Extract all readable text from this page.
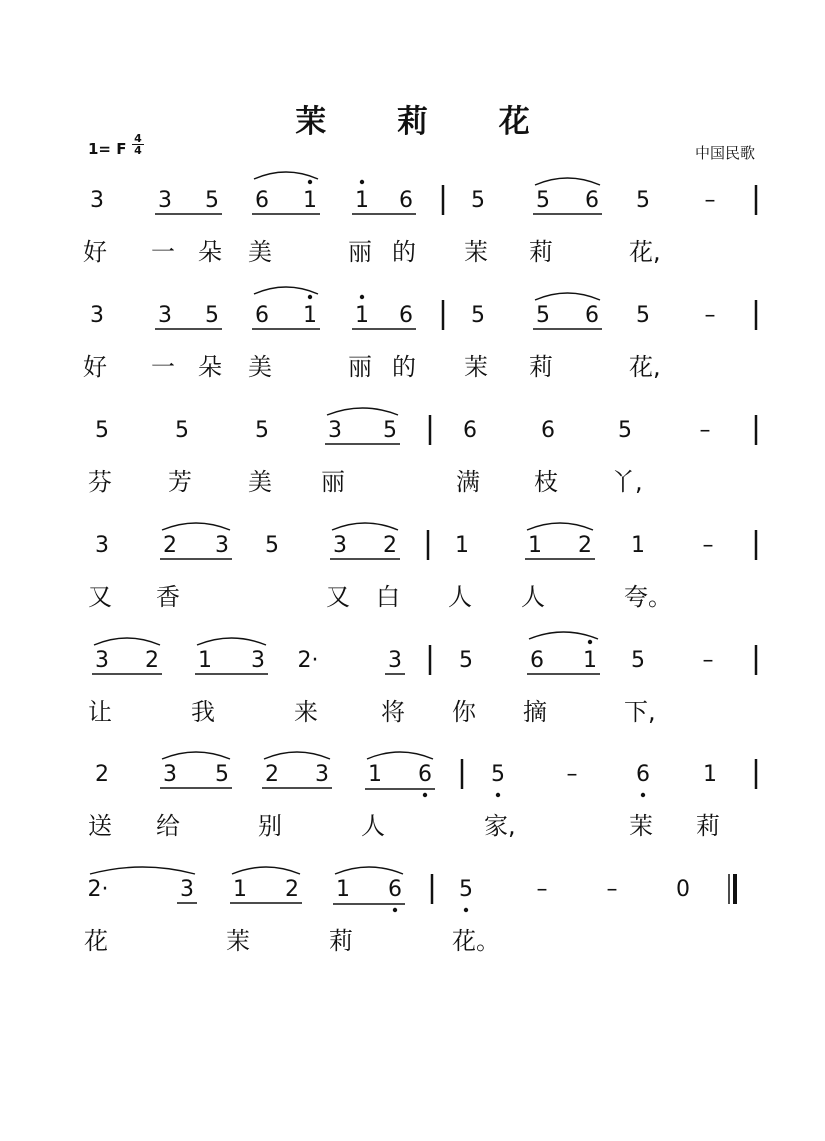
茉 莉 花
1= F
4
4	中国民歌
3 3 5 6 1 1 6	5 5 6 5 –
3 3 5 6 1 1 6	5 5 6 5 –
5	5	5	3 5	6	6	5	–
3 2 3 5 3 2	1	1 2 1	–
3 2 1 3 2·	3	5	6 1 5	–
2 3 5 2 3 1 6	5	–	6 1
2·	3 1 2 1 6	5	–	–	0
好	一 朵	美	丽 的	茉	莉	花,
好	一 朵	美	丽 的	茉	莉	花,
芬	芳	美	丽	满	枝	丫,
又	香	又	白	人	人	夸。
让	我	来	将	你	摘	下,
送	给	别	人	家,	茉	莉
花	茉	莉	花。
